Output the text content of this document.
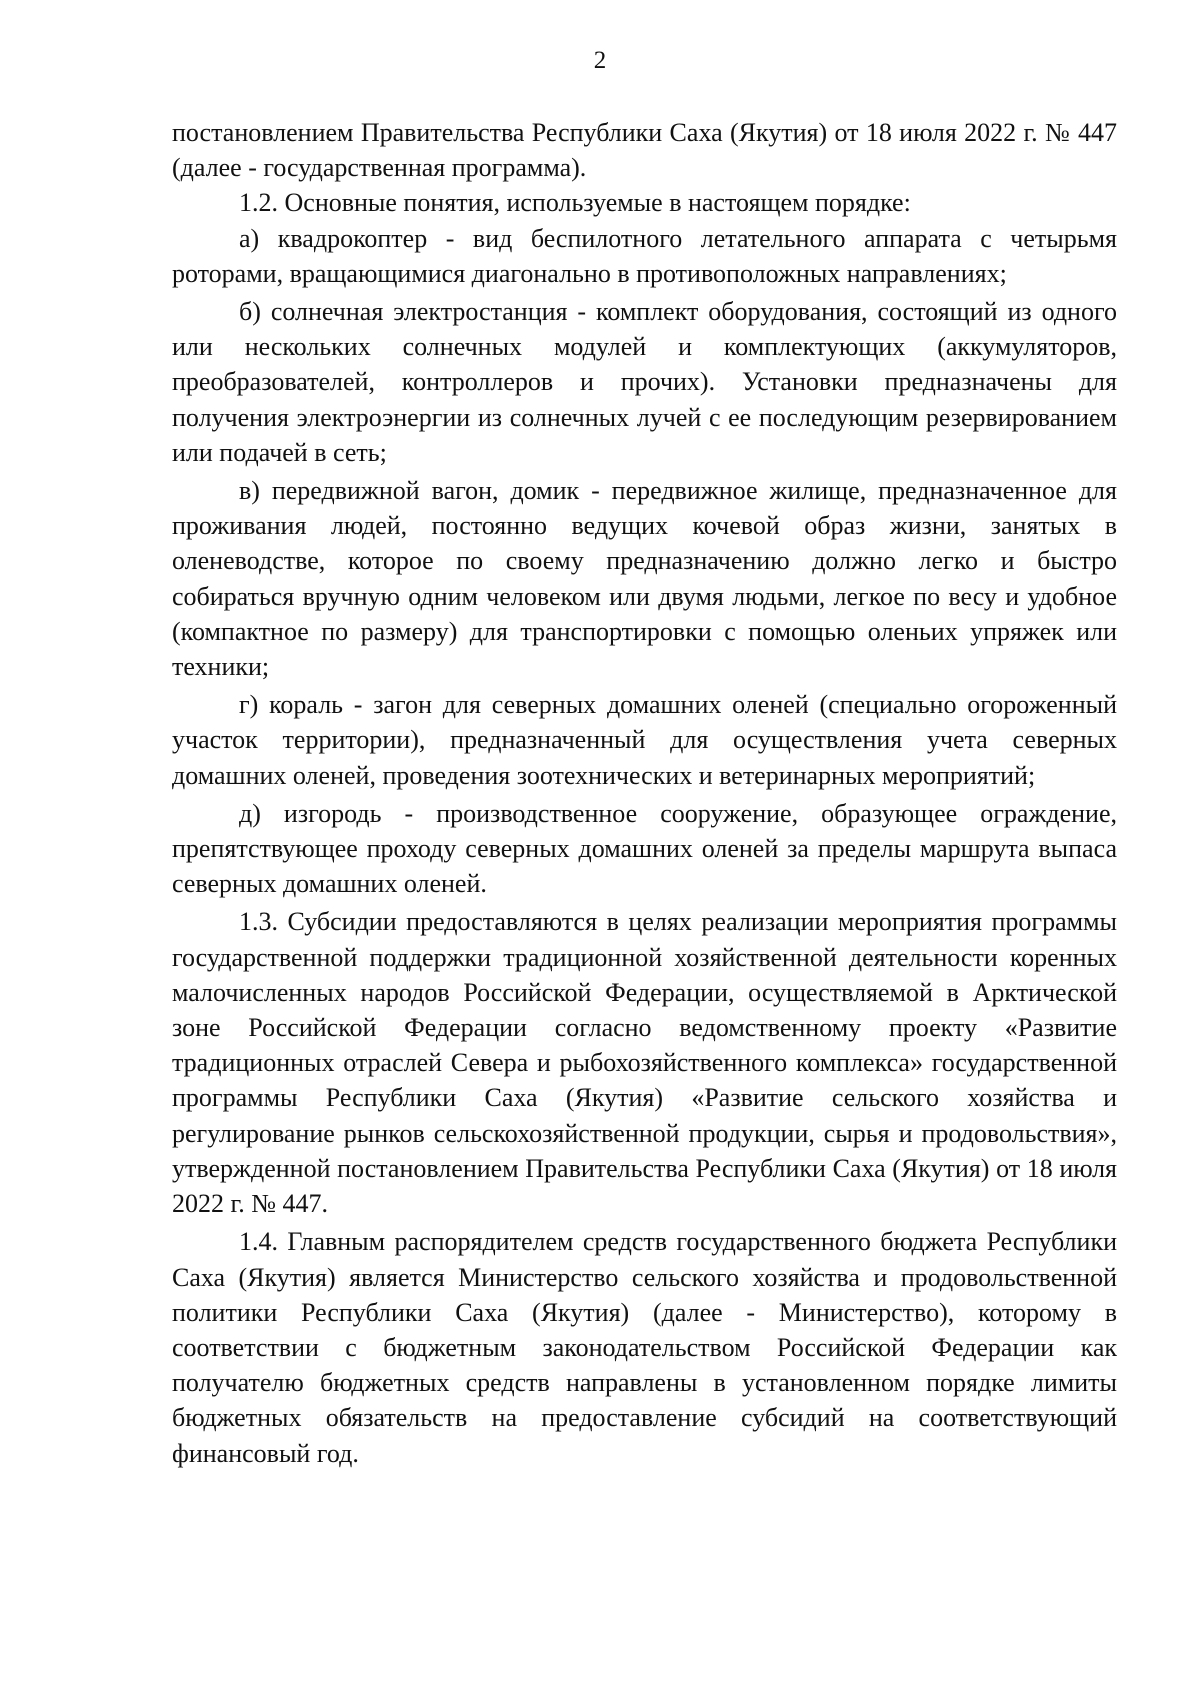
2

постановлением Правительства Республики Саха (Якутия) от 18 июля 2022 г. № 447 (далее - государственная программа).

1.2. Основные понятия, используемые в настоящем порядке:

а) квадрокоптер - вид беспилотного летательного аппарата с четырьмя роторами, вращающимися диагонально в противоположных направлениях;

б) солнечная электростанция - комплект оборудования, состоящий из одного или нескольких солнечных модулей и комплектующих (аккумуляторов, преобразователей, контроллеров и прочих). Установки предназначены для получения электроэнергии из солнечных лучей с ее последующим резервированием или подачей в сеть;

в) передвижной вагон, домик - передвижное жилище, предназначенное для проживания людей, постоянно ведущих кочевой образ жизни, занятых в оленеводстве, которое по своему предназначению должно легко и быстро собираться вручную одним человеком или двумя людьми, легкое по весу и удобное (компактное по размеру) для транспортировки с помощью оленьих упряжек или техники;

г) кораль - загон для северных домашних оленей (специально огороженный участок территории), предназначенный для осуществления учета северных домашних оленей, проведения зоотехнических и ветеринарных мероприятий;

д) изгородь - производственное сооружение, образующее ограждение, препятствующее проходу северных домашних оленей за пределы маршрута выпаса северных домашних оленей.

1.3. Субсидии предоставляются в целях реализации мероприятия программы государственной поддержки традиционной хозяйственной деятельности коренных малочисленных народов Российской Федерации, осуществляемой в Арктической зоне Российской Федерации согласно ведомственному проекту «Развитие традиционных отраслей Севера и рыбохозяйственного комплекса» государственной программы Республики Саха (Якутия) «Развитие сельского хозяйства и регулирование рынков сельскохозяйственной продукции, сырья и продовольствия», утвержденной постановлением Правительства Республики Саха (Якутия) от 18 июля 2022 г. № 447.

1.4. Главным распорядителем средств государственного бюджета Республики Саха (Якутия) является Министерство сельского хозяйства и продовольственной политики Республики Саха (Якутия) (далее - Министерство), которому в соответствии с бюджетным законодательством Российской Федерации как получателю бюджетных средств направлены в установленном порядке лимиты бюджетных обязательств на предоставление субсидий на соответствующий финансовый год.
